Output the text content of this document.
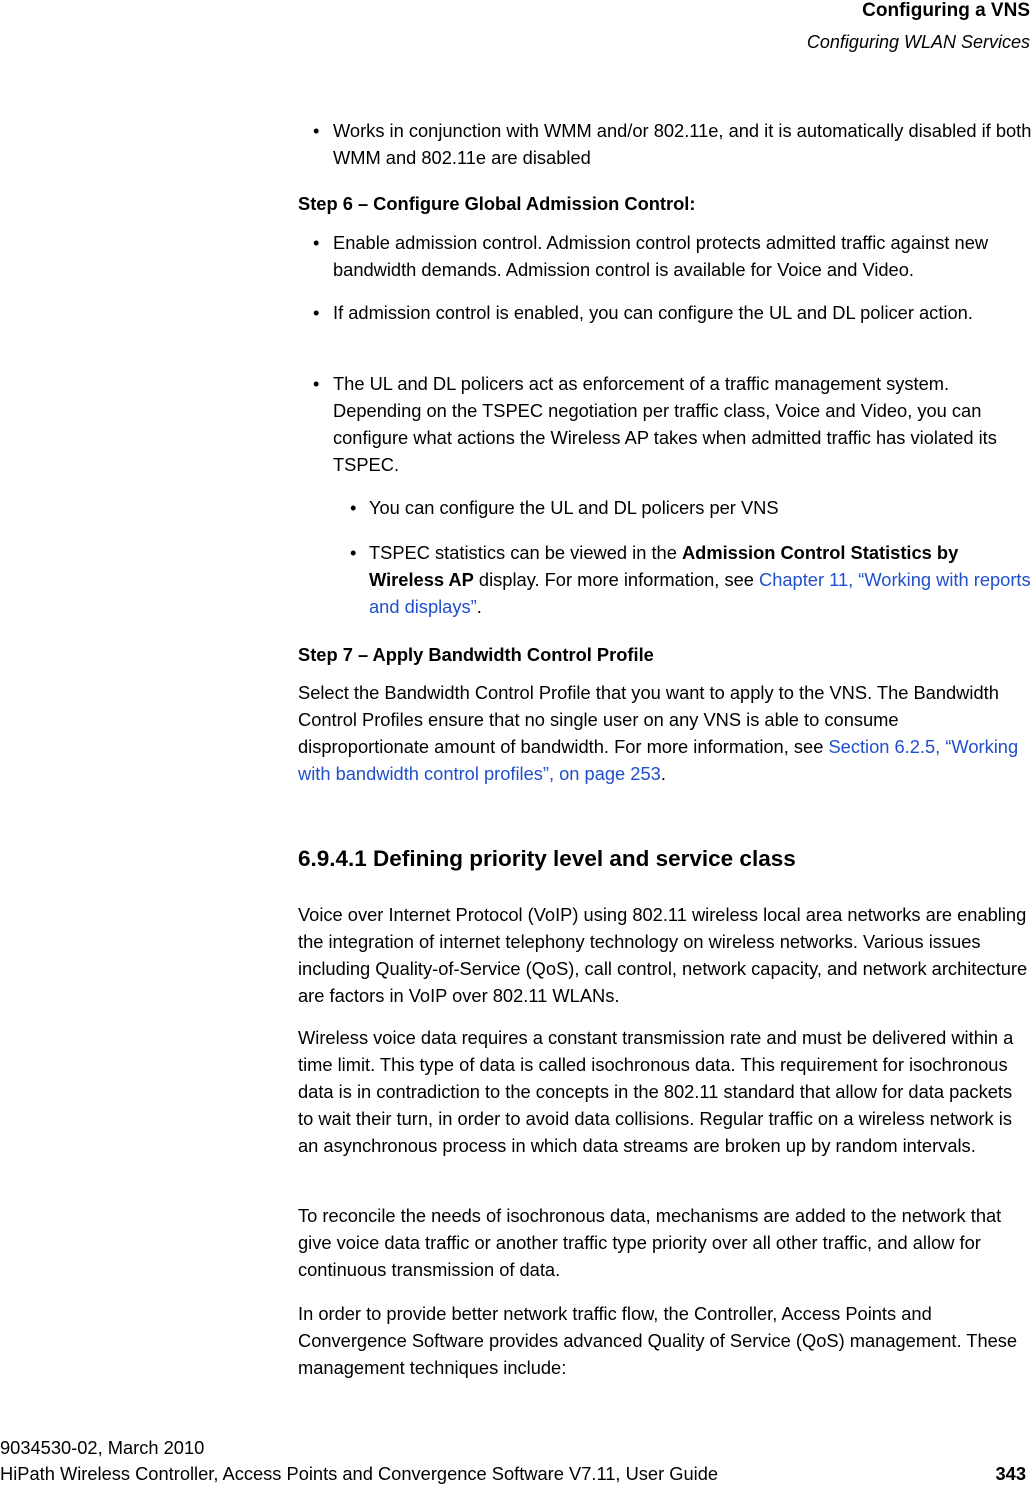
Configuring a VNS
Configuring WLAN Services
• Works in conjunction with WMM and/or 802.11e, and it is automatically disabled if both WMM and 802.11e are disabled
Step 6 – Configure Global Admission Control:
• Enable admission control. Admission control protects admitted traffic against new bandwidth demands. Admission control is available for Voice and Video.
• If admission control is enabled, you can configure the UL and DL policer action.
• The UL and DL policers act as enforcement of a traffic management system. Depending on the TSPEC negotiation per traffic class, Voice and Video, you can configure what actions the Wireless AP takes when admitted traffic has violated its TSPEC.
• You can configure the UL and DL policers per VNS
• TSPEC statistics can be viewed in the Admission Control Statistics by Wireless AP display. For more information, see Chapter 11, “Working with reports and displays”.
Step 7 – Apply Bandwidth Control Profile
Select the Bandwidth Control Profile that you want to apply to the VNS. The Bandwidth Control Profiles ensure that no single user on any VNS is able to consume disproportionate amount of bandwidth. For more information, see Section 6.2.5, “Working with bandwidth control profiles”, on page 253.
6.9.4.1 Defining priority level and service class
Voice over Internet Protocol (VoIP) using 802.11 wireless local area networks are enabling the integration of internet telephony technology on wireless networks. Various issues including Quality-of-Service (QoS), call control, network capacity, and network architecture are factors in VoIP over 802.11 WLANs.
Wireless voice data requires a constant transmission rate and must be delivered within a time limit. This type of data is called isochronous data. This requirement for isochronous data is in contradiction to the concepts in the 802.11 standard that allow for data packets to wait their turn, in order to avoid data collisions. Regular traffic on a wireless network is an asynchronous process in which data streams are broken up by random intervals.
To reconcile the needs of isochronous data, mechanisms are added to the network that give voice data traffic or another traffic type priority over all other traffic, and allow for continuous transmission of data.
In order to provide better network traffic flow, the Controller, Access Points and Convergence Software provides advanced Quality of Service (QoS) management. These management techniques include:
9034530-02, March 2010
HiPath Wireless Controller, Access Points and Convergence Software V7.11, User Guide	343
